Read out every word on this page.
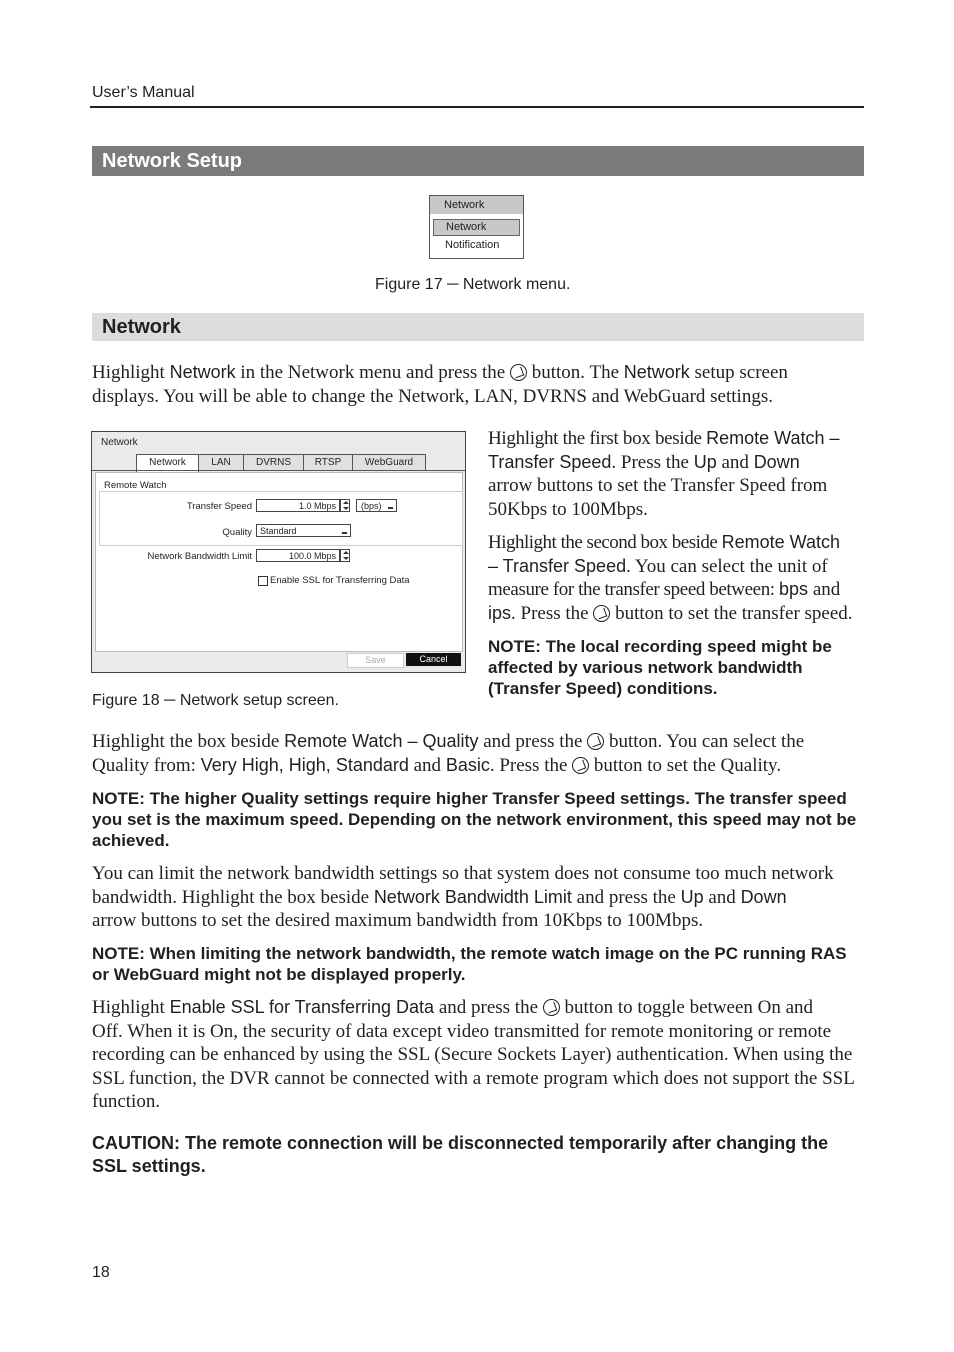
User’s Manual
Network Setup
Network
Network
Notification
Figure 17 ─ Network menu.
Network
Highlight Network in the Network menu and press the  button. The Network setup screen
displays. You will be able to change the Network, LAN, DVRNS and WebGuard settings.
Network
Network	LAN	DVRNS	RTSP	WebGuard
Remote Watch
Transfer Speed	1.0 Mbps	(bps)
Quality Standard
Network Bandwidth Limit	100.0 Mbps
Enable SSL for Transferring Data
Save	Cancel
Figure 18 ─ Network setup screen.
Highlight the first box beside Remote Watch –
Transfer Speed. Press the Up and Down
arrow buttons to set the Transfer Speed from
50Kbps to 100Mbps.
Highlight the second box beside Remote Watch
– Transfer Speed. You can select the unit of
measure for the transfer speed between: bps and
ips. Press the  button to set the transfer speed.
NOTE: The local recording speed might be affected by various network bandwidth (Transfer Speed) conditions.
Highlight the box beside Remote Watch – Quality and press the  button. You can select the
Quality from: Very High, High, Standard and Basic. Press the  button to set the Quality.
NOTE: The higher Quality settings require higher Transfer Speed settings. The transfer speed you set is the maximum speed. Depending on the network environment, this speed may not be achieved.
You can limit the network bandwidth settings so that system does not consume too much network
bandwidth. Highlight the box beside Network Bandwidth Limit and press the Up and Down
arrow buttons to set the desired maximum bandwidth from 10Kbps to 100Mbps.
NOTE: When limiting the network bandwidth, the remote watch image on the PC running RAS or WebGuard might not be displayed properly.
Highlight Enable SSL for Transferring Data and press the  button to toggle between On and
Off. When it is On, the security of data except video transmitted for remote monitoring or remote recording can be enhanced by using the SSL (Secure Sockets Layer) authentication. When using the SSL function, the DVR cannot be connected with a remote program which does not support the SSL function.
CAUTION: The remote connection will be disconnected temporarily after changing the SSL settings.
18
